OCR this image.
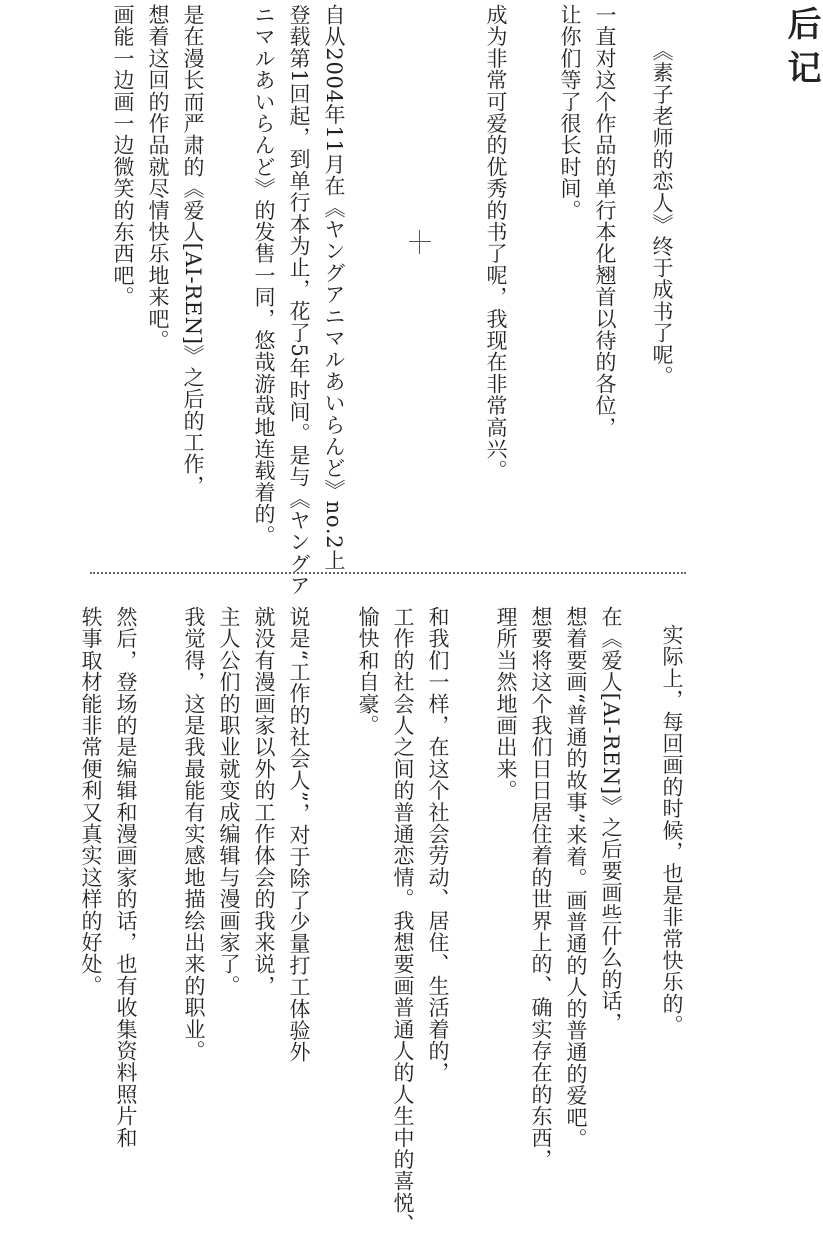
后记

《素子老师的恋人》终于成书了呢。

一直对这个作品的单行本化翘首以待的各位，

让你们等了很长时间。

成为非常可爱的优秀的书了呢，我现在非常高兴。

自从2004年11月在《ヤングアニマルあいらんど》no.2上

登载第1回起，到单行本为止，花了5年时间。是与《ヤングア

ニマルあいらんど》的发售一同，悠哉游哉地连载着的。

是在漫长而严肃的《爱人[AI-REN]》之后的工作，

想着这回的作品就尽情快乐地来吧。

画能一边画一边微笑的东西吧。

实际上，每回画的时候，也是非常快乐的。

在《爱人[AI-REN]》之后要画些什么的话，

想着要画“普通的故事”来着。画普通的人的普通的爱吧。

想要将这个我们日日居住着的世界上的、确实存在的东西，

理所当然地画出来。

和我们一样，在这个社会劳动、居住、生活着的，

工作的社会人之间的普通恋情。我想要画普通人的人生中的喜悦、

愉快和自豪。

说是“工作的社会人”，对于除了少量打工体验外

就没有漫画家以外的工作体会的我来说，

主人公们的职业就变成编辑与漫画家了。

我觉得，这是我最能有实感地描绘出来的职业。

然后，登场的是编辑和漫画家的话，也有收集资料照片和

轶事取材能非常便利又真实这样的好处。
